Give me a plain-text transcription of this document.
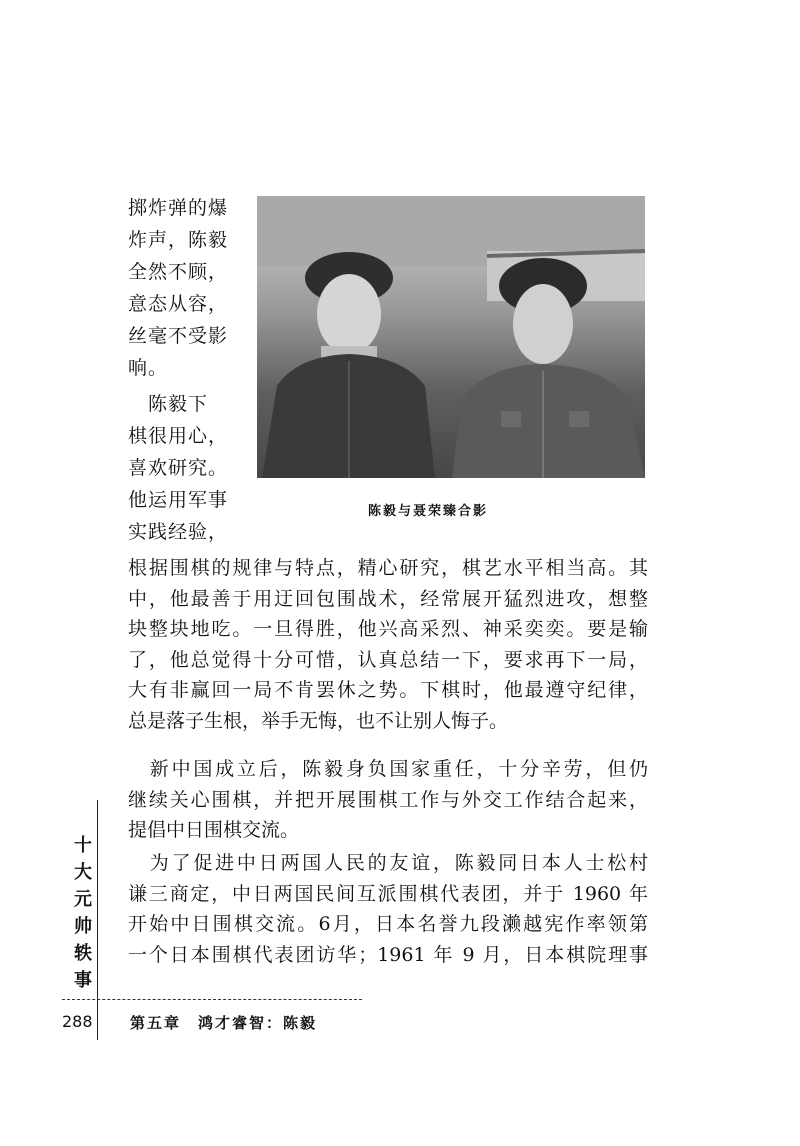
掷炸弹的爆
炸声，陈毅
全然不顾，
意态从容，
丝毫不受影
响。
　陈毅下
棋很用心，
喜欢研究。
他运用军事
实践经验，
陈毅与聂荣臻合影
根据围棋的规律与特点，精心研究，棋艺水平相当高。其
中，他最善于用迂回包围战术，经常展开猛烈进攻，想整
块整块地吃。一旦得胜，他兴高采烈、神采奕奕。要是输
了，他总觉得十分可惜，认真总结一下，要求再下一局，
大有非赢回一局不肯罢休之势。下棋时，他最遵守纪律，
总是落子生根，举手无悔，也不让别人悔子。
　新中国成立后，陈毅身负国家重任，十分辛劳，但仍
继续关心围棋，并把开展围棋工作与外交工作结合起来，
提倡中日围棋交流。
　为了促进中日两国人民的友谊，陈毅同日本人士松村
谦三商定，中日两国民间互派围棋代表团，并于 1960 年
开始中日围棋交流。6月，日本名誉九段濑越宪作率领第
一个日本围棋代表团访华；1961 年 9 月，日本棋院理事
十
大
元
帅
轶
事
288 第五章　鸿才睿智：陈毅
